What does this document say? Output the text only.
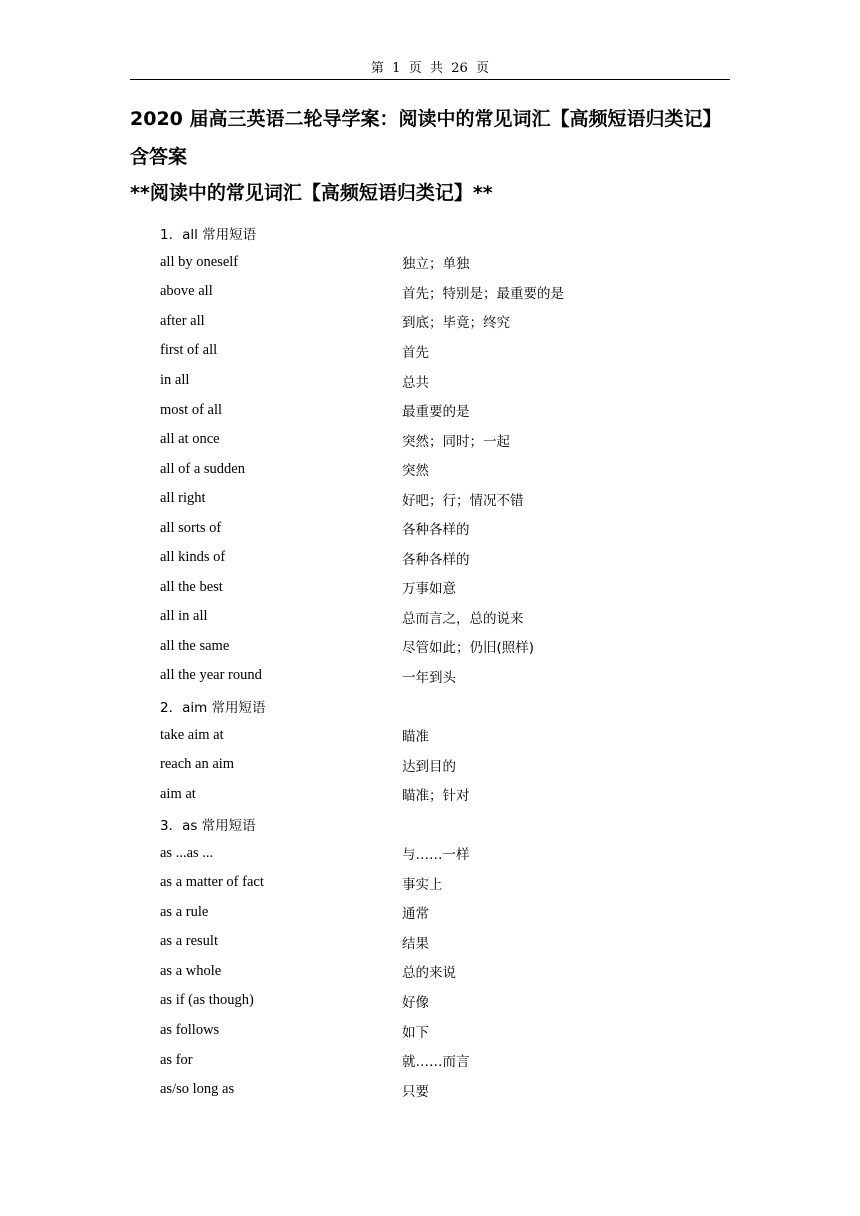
第  1  页  共  26  页
2020 届高三英语二轮导学案：阅读中的常见词汇【高频短语归类记】
含答案
**阅读中的常见词汇【高频短语归类记】**
1．all 常用短语
all by oneself	独立；单独
above all	首先；特别是；最重要的是
after all	到底；毕竟；终究
first of all	首先
in all	总共
most of all	最重要的是
all at once	突然；同时；一起
all of a sudden	突然
all right	好吧；行；情况不错
all sorts of	各种各样的
all kinds of	各种各样的
all the best	万事如意
all in all	总而言之，总的说来
all the same	尽管如此；仍旧(照样)
all the year round	一年到头
2．aim 常用短语
take aim at	瞄准
reach an aim	达到目的
aim at	瞄准；针对
3．as 常用短语
as ...as ...	与……一样
as a matter of fact	事实上
as a rule	通常
as a result	结果
as a whole	总的来说
as if (as though)	好像
as follows	如下
as for	就……而言
as/so long as	只要
